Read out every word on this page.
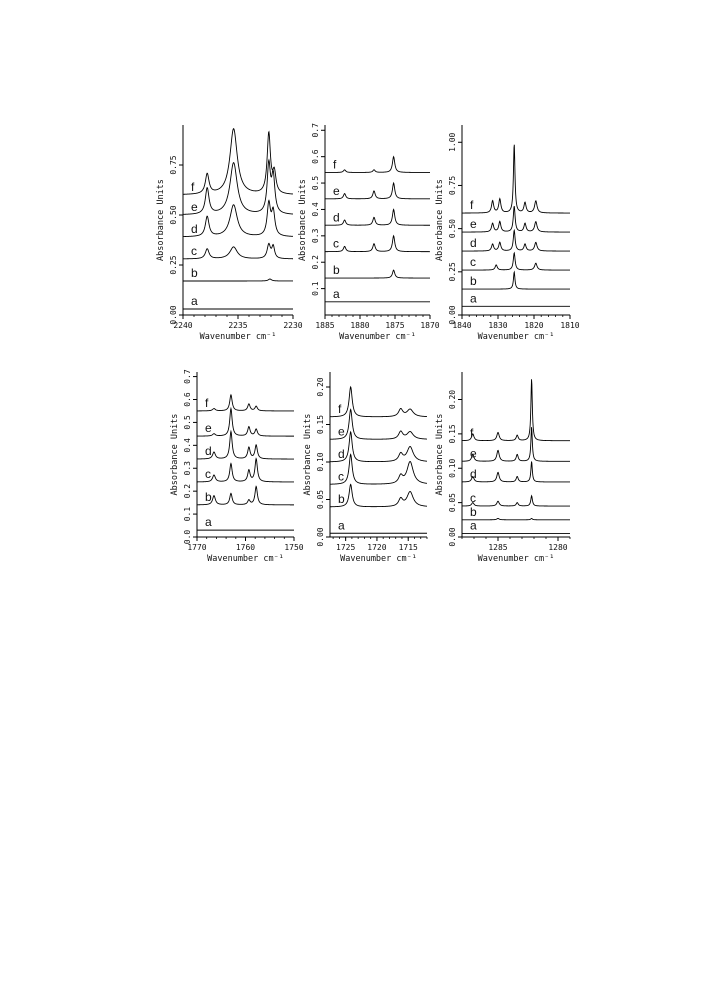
2240	2235	2230
0.00
0.25
0.50
0.75
Wavenumber cm⁻¹
Absorbance Units
a
b
c
d
e
f
1885 1880 1875 1870
0.1
0.2
0.3
0.4
0.5
0.6
0.7
Wavenumber cm⁻¹
Absorbance Units
a
b
c
d
e
f
1840 1830 1820 1810
0.00
0.25
0.50
0.75
1.00
Wavenumber cm⁻¹
Absorbance Units
a
b
c
d
e
f
1770	1760	1750
0.0
0.1
0.2
0.3
0.4
0.5
0.6
0.7
Wavenumber cm⁻¹
Absorbance Units
a
b
c
d
e
f
1725 1720 1715
0.00
0.05
0.10
0.15
0.20
Wavenumber cm⁻¹
Absorbance Units
a
b
c
d
e
f
1285	1280
0.00
0.05
0.10
0.15
0.20
Wavenumber cm⁻¹
Absorbance Units
a
b
c
d
e
f
